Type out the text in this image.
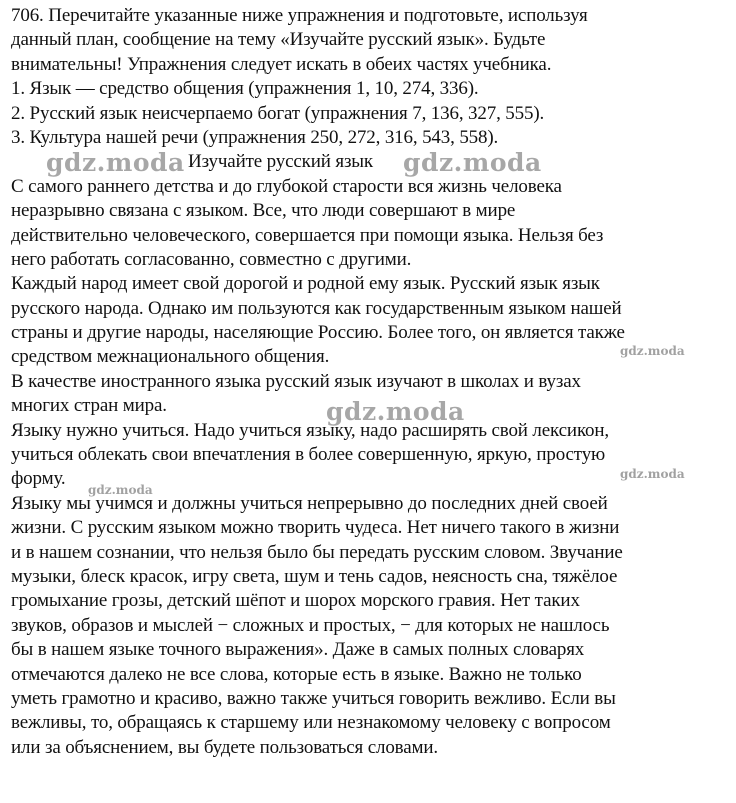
706. Перечитайте указанные ниже упражнения и подготовьте, используя
данный план, сообщение на тему «Изучайте русский язык». Будьте
внимательны! Упражнения следует искать в обеих частях учебника.
1. Язык — средство общения (упражнения 1, 10, 274, 336).
2. Русский язык неисчерпаемо богат (упражнения 7, 136, 327, 555).
3. Культура нашей речи (упражнения 250, 272, 316, 543, 558).
Изучайте русский язык
С самого раннего детства и до глубокой старости вся жизнь человека
неразрывно связана с языком. Все, что люди совершают в мире
действительно человеческого, совершается при помощи языка. Нельзя без
него работать согласованно, совместно с другими.
Каждый народ имеет свой дорогой и родной ему язык. Русский язык язык
русского народа. Однако им пользуются как государственным языком нашей
страны и другие народы, населяющие Россию. Более того, он является также
средством межнационального общения.
В качестве иностранного языка русский язык изучают в школах и вузах
многих стран мира.
Языку нужно учиться. Надо учиться языку, надо расширять свой лексикон,
учиться облекать свои впечатления в более совершенную, яркую, простую
форму.
Языку мы учимся и должны учиться непрерывно до последних дней своей
жизни. С русским языком можно творить чудеса. Нет ничего такого в жизни
и в нашем сознании, что нельзя было бы передать русским словом. Звучание
музыки, блеск красок, игру света, шум и тень садов, неясность сна, тяжёлое
громыхание грозы, детский шёпот и шорох морского гравия. Нет таких
звуков, образов и мыслей − сложных и простых, − для которых не нашлось
бы в нашем языке точного выражения». Даже в самых полных словарях
отмечаются далеко не все слова, которые есть в языке. Важно не только
уметь грамотно и красиво, важно также учиться говорить вежливо. Если вы
вежливы, то, обращаясь к старшему или незнакомому человеку с вопросом
или за объяснением, вы будете пользоваться словами.
gdz.moda	gdz.moda
gdz.moda
gdz.moda
gdz.moda
gdz.moda
